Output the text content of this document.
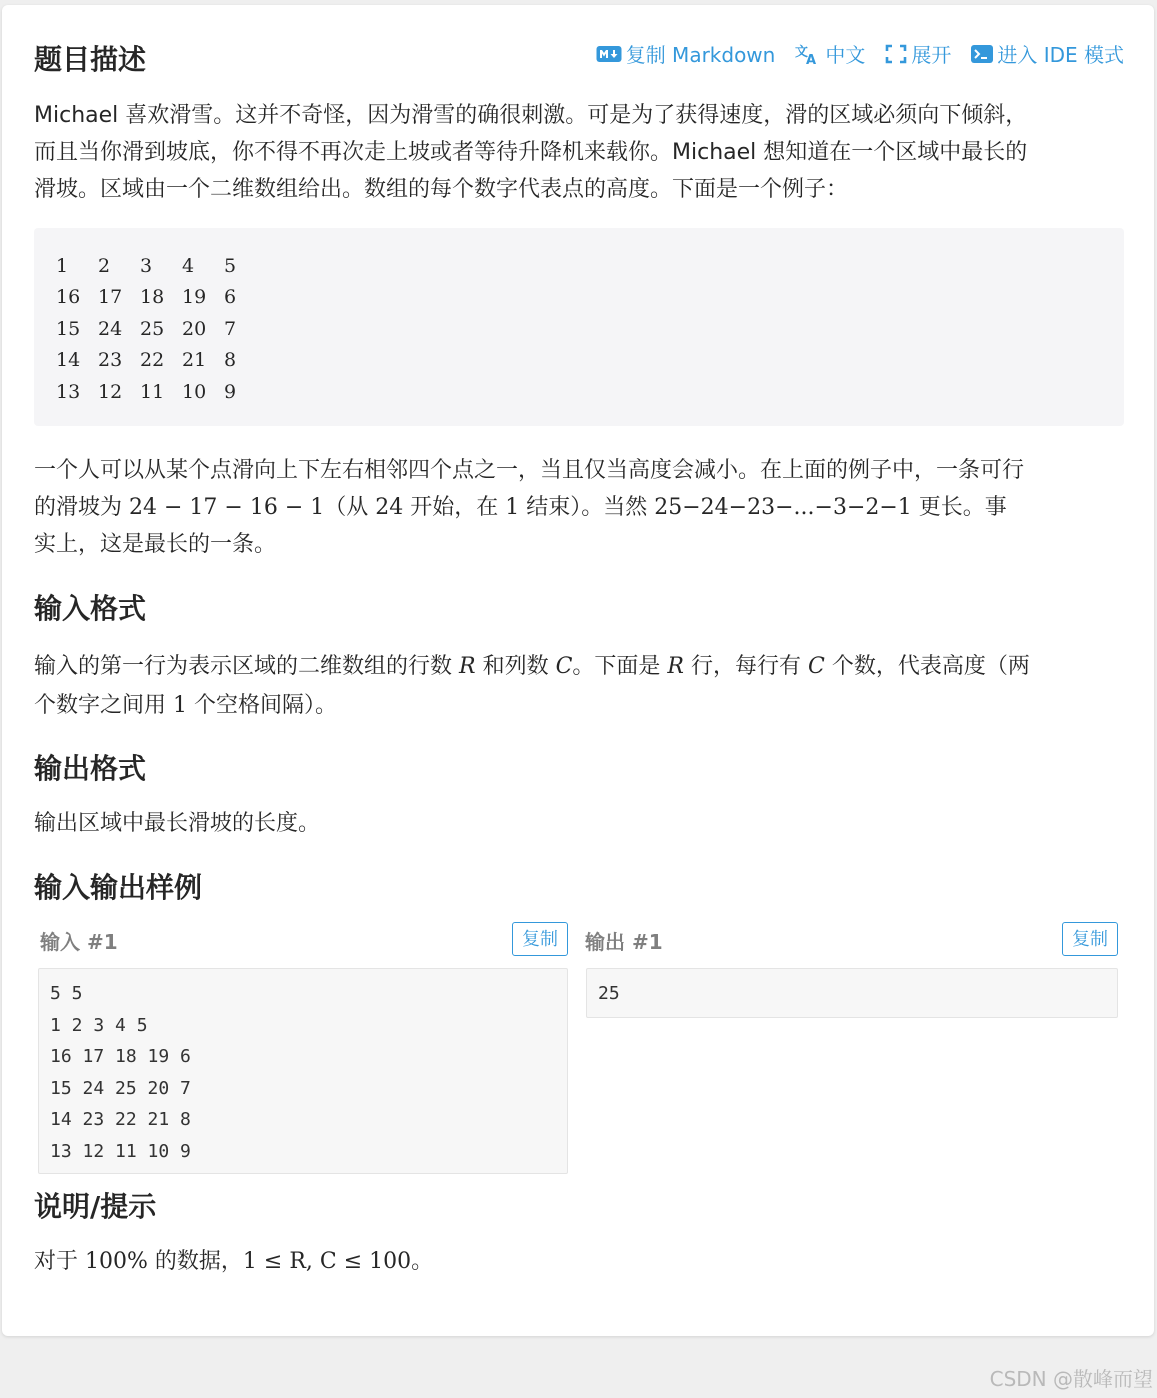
题目描述	复制 Markdown 文
A 中文 展开 进入 IDE 模式

Michael 喜欢滑雪。这并不奇怪，因为滑雪的确很刺激。可是为了获得速度，滑的区域必须向下倾斜，
而且当你滑到坡底，你不得不再次走上坡或者等待升降机来载你。Michael 想知道在一个区域中最长的
滑坡。区域由一个二维数组给出。数组的每个数字代表点的高度。下面是一个例子：

1	2	3	4	5
16 17 18 19 6
15 24 25 20 7
14 23 22 21 8
13 12 11 10 9

一个人可以从某个点滑向上下左右相邻四个点之一，当且仅当高度会减小。在上面的例子中，一条可行
的滑坡为 24 − 17 − 16 − 1（从 24 开始，在 1 结束）。当然 25−24−23−...−3−2−1 更长。事
实上，这是最长的一条。

输入格式

输入的第一行为表示区域的二维数组的行数 R 和列数 C。下面是 R 行，每行有 C 个数，代表高度（两
个数字之间用 1 个空格间隔）。

输出格式

输出区域中最长滑坡的长度。

输入输出样例
输入 #1	复制
5 5
1 2 3 4 5
16 17 18 19 6
15 24 25 20 7
14 23 22 21 8
13 12 11 10 9
输出 #1	复制
25
说明/提示

对于 100% 的数据，1 ≤ R, C ≤ 100。

CSDN @散峰而望
